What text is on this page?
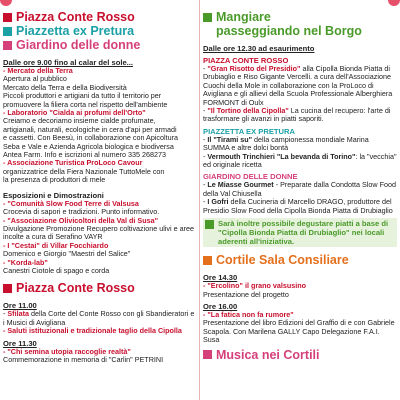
Piazza Conte Rosso
Piazzetta ex Pretura
Giardino delle donne
Dalle ore 9.00 fino al calar del sole...
- Mercato della Terra
Apertura al pubblico
Mercato della Terra e della Biodiversità
Piccoli produttori e artigiani da tutto il territorio per
promuovere la filiera corta nel rispetto dell'ambiente
- Laboratorio "Cialda ai profumi dell'Orto"
Creiamo e decoriamo insieme cialde profumate,
artigianali, naturali, ecologiche in cera d'api per armadi
e cassetti. Con Beesù, in collaborazione con Apicoltura
Seba e Vale e Azienda Agricola biologica e biodiversa
Antea Farm. Info e iscrizioni al numero 335 268273
- Associazione Turistica ProLoco Cavour
organizzatrice della Fiera Nazionale TuttoMele con
la presenza di produttori di mele
Esposizioni e Dimostrazioni
- "Comunità Slow Food Terre di Valsusa
Crocevia di sapori e tradizioni. Punto informativo.
- "Associazione Olivicoltori della Val di Susa"
Divulgazione Promozione Recupero coltivazione ulivi e aree incolte a cura di Serafino VAYR
- I "Cestai" di Villar Focchiardo
Domenico e Giorgio "Maestri del Salice"
- "Korda-lab"
Canestri Ciotole di spago e corda
Piazza Conte Rosso
Ore 11.00
- Sfilata della Corte del Conte Rosso con gli Sbandieratori e i Musici di Avigliana
- Saluti istituzionali e tradizionale taglio della Cipolla
Ore 11.30
- "Chi semina utopia raccoglie realtà"
Commemorazione in memoria di "Carlin" PETRINI
Mangiare
passeggiando nel Borgo
Dalle ore 12.30 ad esaurimento
PIAZZA CONTE ROSSO
- "Gran Risotto del Presidio" alla Cipolla Bionda Piatta di Drubiaglio e Riso Gigante Vercelli. a cura dell'Associazione Cuochi della Mole in collaborazione con la ProLoco di Avigliana e gli allievi della Scuola Professionale Alberghiera FORMONT di Oulx
- "Il Tortino della Cipolla" La cucina del recupero: l'arte di trasformare gli avanzi in piatti saporiti.
PIAZZETTA EX PRETURA
- Il "Tirami su" della campionessa mondiale Marina SUMMA e altre dolci bontà
- Vermouth Trinchieri "La bevanda di Torino": la "vecchia" ed originale ricetta
GIARDINO DELLE DONNE
- Le Miasse Gourmet - Preparate dalla Condotta Slow Food della Val Chiusella
- I Gofri della Cucineria di Marcello DRAGO, produttore del Presidio Slow Food della Cipolla Bionda Piatta di Drubiaglio
Sarà inoltre possibile degustare piatti a base di "Cipolla Bionda Piatta di Drubiaglio" nei locali aderenti all'iniziativa.
Cortile Sala Consiliare
Ore 14.30
- "Ercolino" il grano valsusino
Presentazione del progetto
Ore 16.00
- "La fatica non fa rumore"
Presentazione del libro Edizioni del Graffio di e con Gabriele Scapola. Con Marilena GALLY Capo Delegazione F.A.I. Susa
Musica nei Cortili
